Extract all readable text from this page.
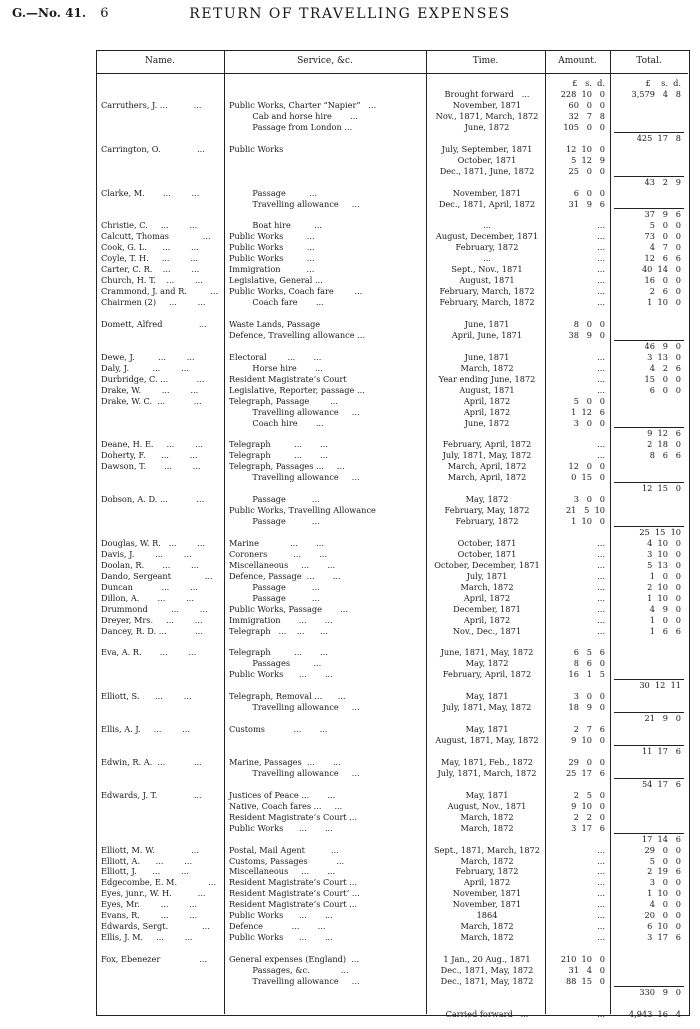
G.—No. 41. 6	RETURN OF TRAVELLING EXPENSES
Name.	Service, &c.	Time.	Amount.	Total.
£   s.  d.	£    s.  d.
Brought forward   ...	228  10   0	3,579   4   8
Carruthers, J. ...          ...	Public Works, Charter “Napier”   ...	November, 1871	60   0   0
Cab and horse hire       ...	Nov., 1871, March, 1872	32   7   8
Passage from London ...	June, 1872	105   0   0
425  17   8
Carrington, O.              ...	Public Works	July, September, 1871	12  10   0
October, 1871	5  12   9
Dec., 1871, June, 1872	25   0   0
43   2   9
Clarke, M.       ...        ...	Passage         ...	November, 1871	6   0   0
Travelling allowance     ...	Dec., 1871, April, 1872	31   9   6
37   9   6
Christie, C.     ...        ...	Boat hire         ...	...	...	5   0   0
Calcutt, Thomas             ... Public Works         ...	August, December, 1871	...	73   0   0
Cook, G. L.      ...        ...	Public Works         ...	February, 1872	...	4   7   0
Coyle, T. H.     ...        ...	Public Works         ...	...	...	12   6   6
Carter, C. R.    ...        ...	Immigration          ...	Sept., Nov., 1871	...	40  14   0
Church, H. T.    ...        ...	Legislative, General ...	August, 1871	...	16   0   0
Crammond, J. and R.         ... Public Works, Coach fare        ...	February, March, 1872	...	2   6   0
Chairmen (2)     ...        ...	Coach fare       ...	February, March, 1872	...	1  10   0
Domett, Alfred              ...	Waste Lands, Passage	June, 1871	8   0   0
Defence, Travelling allowance ...	April, June, 1871	38   9   0
46   9   0
Dewe, J.         ...        ...	Electoral        ...       ...	June, 1871	...	3  13   0
Daly, J.         ...        ...	Horse hire       ...	March, 1872	...	4   2   6
Durbridge, C. ...           ...	Resident Magistrate’s Court	Year ending June, 1872	...	15   0   0
Drake, W.        ...        ...	Legislative, Reporter, passage ...	August, 1871	...	6   0   0
Drake, W. C.  ...           ...	Telegraph, Passage        ...	April, 1872	5   0   0
Travelling allowance     ...	April, 1872	1  12   6
Coach hire       ...	June, 1872	3   0   0
9  12   6
Deane, H. E.     ...        ...	Telegraph         ...       ...	February, April, 1872	...	2  18   0
Doherty, F.      ...        ...	Telegraph         ...       ...	July, 1871, May, 1872	...	8   6   6
Dawson, T.       ...        ...	Telegraph, Passages ...     ...	March, April, 1872	12   0   0
Travelling allowance     ...	March, April, 1872	0  15   0
12  15   0
Dobson, A. D. ...           ...	Passage          ...	May, 1872	3   0   0
Public Works, Travelling Allowance	February, May, 1872	21   5  10
Passage          ...	February, 1872	1  10   0
25  15  10
Douglas, W. R.   ...        ...	Marine            ...       ...	October, 1871	...	4  10   0
Davis, J.        ...        ...	Coroners          ...       ...	October, 1871	...	3  10   0
Doolan, R.       ...        ...	Miscellaneous     ...       ...	October, December, 1871	...	5  13   0
Dando, Sergeant             ... Defence, Passage  ...       ...	July, 1871	...	1   0   0
Duncan           ...        ...	Passage          ...	March, 1872	...	2  10   0
Dillon, A.       ...        ...	Passage          ...	April, 1872	...	1  10   0
Drummond         ...        ...	Public Works, Passage       ...	December, 1871	...	4   9   0
Dreyer, Mrs.     ...        ...	Immigration       ...       ...	April, 1872	...	1   0   0
Dancey, R. D. ...           ...	Telegraph   ...    ...      ...	Nov., Dec., 1871	...	1   6   6
Eva, A. R.       ...        ...	Telegraph         ...       ...	June, 1871, May, 1872	6   5   6
Passages         ...	May, 1872	8   6   0
Public Works      ...       ...	February, April, 1872	16   1   5
30  12  11
Elliott, S.      ...        ...	Telegraph, Removal ...      ...	May, 1871	3   0   0
Travelling allowance     ...	July, 1871, May, 1872	18   9   0
21   9   0
Ellis, A. J.     ...        ...	Customs           ...       ...	May, 1871	2   7   6
August, 1871, May, 1872	9  10   0
11  17   6
Edwin, R. A.  ...           ...	Marine, Passages  ...       ...	May, 1871, Feb., 1872	29   0   0
Travelling allowance     ...	July, 1871, March, 1872	25  17   6
54  17   6
Edwards, J. T.              ...	Justices of Peace ...       ...	May, 1871	2   5   0
Native, Coach fares ...     ...	August, Nov., 1871	9  10   0
Resident Magistrate’s Court ...	March, 1872	2   2   0
Public Works      ...       ...	March, 1872	3  17   6
17  14   6
Elliott, M. W.              ...	Postal, Mail Agent          ...	Sept., 1871, March, 1872	...	29   0   0
Elliott, A.      ...        ...	Customs, Passages           ...	March, 1872	...	5   0   0
Elliott, J.      ...        ...	Miscellaneous     ...       ...	February, 1872	...	2  19   6
Edgecombe, E. M.            ... Resident Magistrate’s Court ...	April, 1872	...	3   0   0
Eyes, junr., W. H.          ...	Resident Magistrate’s Court’ ...	November, 1871	...	1  10   0
Eyes, Mr.        ...        ...	Resident Magistrate’s Court ...	November, 1871	...	4   0   0
Evans, R.        ...        ...	Public Works      ...       ...	1864	...	20   0   0
Edwards, Sergt.             ... Defence           ...       ...	March, 1872	...	6  10   0
Ellis, J. M.     ...        ...	Public Works      ...       ...	March, 1872	...	3  17   6
Fox, Ebenezer               ...	General expenses (England)  ...	1 Jan., 20 Aug., 1871	210  10   0
Passages, &c.            ...	Dec., 1871, May, 1872	31   4   0
Travelling allowance     ...	Dec., 1871, May, 1872	88  15   0
330   9   0
Carried forward   ...	...	4,943  16   4
